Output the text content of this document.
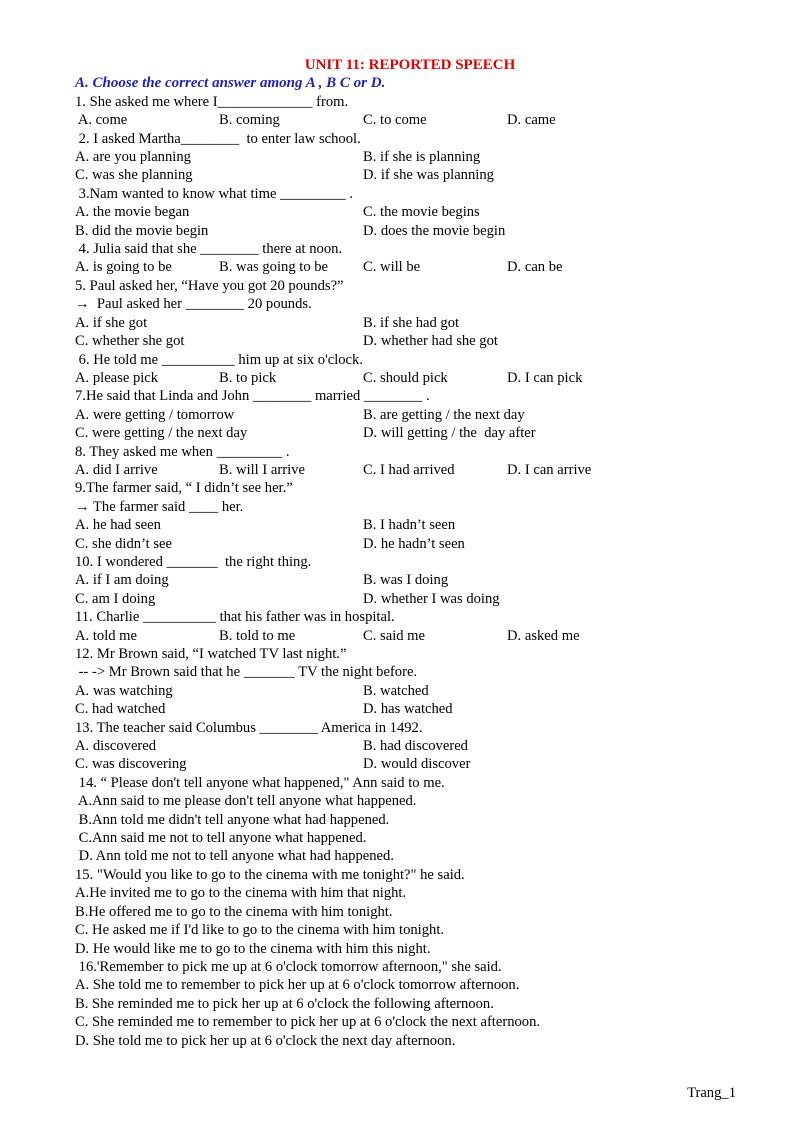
UNIT 11: REPORTED SPEECH
A. Choose the correct answer among A , B C or D.
1. She asked me where I_____________ from.
A. come	B. coming	C. to come	D. came
2. I asked Martha________  to enter law school.
A. are you planning	B. if she is planning
C. was she planning	D. if she was planning
3.Nam wanted to know what time _________ .
A. the movie began	C. the movie begins
B. did the movie begin	D. does the movie begin
4. Julia said that she ________ there at noon.
A. is going to be	B. was going to be	C. will be	D. can be
5. Paul asked her, “Have you got 20 pounds?”
→  Paul asked her ________ 20 pounds.
A. if she got	B. if she had got
C. whether she got	D. whether had she got
6. He told me __________ him up at six o'clock.
A. please pick	B. to pick	C. should pick	D. I can pick
7.He said that Linda and John ________ married ________ .
A. were getting / tomorrow	B. are getting / the next day
C. were getting / the next day	D. will getting / the  day after
8. They asked me when _________ .
A. did I arrive	B. will I arrive	C. I had arrived	D. I can arrive
9.The farmer said, “ I didn’t see her.”
→ The farmer said ____ her.
A. he had seen	B. I hadn’t seen
C. she didn’t see	D. he hadn’t seen
10. I wondered _______  the right thing.
A. if I am doing	B. was I doing
C. am I doing	D. whether I was doing
11. Charlie __________ that his father was in hospital.
A. told me	B. told to me	C. said me	D. asked me
12. Mr Brown said, “I watched TV last night.”
-- -> Mr Brown said that he _______ TV the night before.
A. was watching	B. watched
C. had watched	D. has watched
13. The teacher said Columbus ________ America in 1492.
A. discovered	B. had discovered
C. was discovering	D. would discover
14. “ Please don't tell anyone what happened," Ann said to me.
A.Ann said to me please don't tell anyone what happened.
B.Ann told me didn't tell anyone what had happened.
C.Ann said me not to tell anyone what happened.
D. Ann told me not to tell anyone what had happened.
15. "Would you like to go to the cinema with me tonight?" he said.
A.He invited me to go to the cinema with him that night.
B.He offered me to go to the cinema with him tonight.
C. He asked me if I'd like to go to the cinema with him tonight.
D. He would like me to go to the cinema with him this night.
16.'Remember to pick me up at 6 o'clock tomorrow afternoon," she said.
A. She told me to remember to pick her up at 6 o'clock tomorrow afternoon.
B. She reminded me to pick her up at 6 o'clock the following afternoon.
C. She reminded me to remember to pick her up at 6 o'clock the next afternoon.
D. She told me to pick her up at 6 o'clock the next day afternoon.
Trang_1
